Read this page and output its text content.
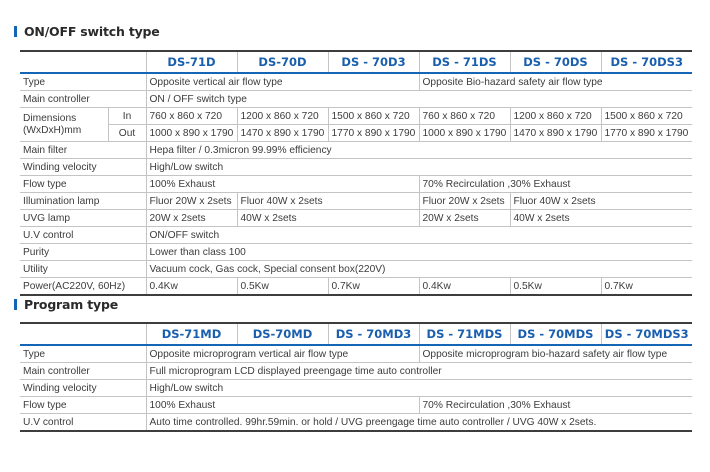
ON/OFF switch type
		DS-71D	DS-70D	DS - 70D3	DS - 71DS	DS - 70DS	DS - 70DS3
Type		Opposite vertical air flow type			Opposite Bio-hazard safety air flow type		
Main controller		ON / OFF switch type					

Dimensions
(WxDxH)mm	In	760 x 860 x 720	1200 x 860 x 720	1500 x 860 x 720	760 x 860 x 720	1200 x 860 x 720	1500 x 860 x 720
	Out	1000 x 890 x 1790	1470 x 890 x 1790	1770 x 890 x 1790	1000 x 890 x 1790	1470 x 890 x 1790	1770 x 890 x 1790
Main filter		Hepa filter / 0.3micron 99.99% efficiency					
Winding velocity		High/Low switch					
Flow type		100% Exhaust			70% Recirculation ,30% Exhaust		
Illumination lamp		Fluor 20W x 2sets	Fluor 40W x 2sets		Fluor 20W x 2sets	Fluor 40W x 2sets	
UVG lamp		20W x 2sets	40W x 2sets		20W x 2sets	40W x 2sets	
U.V control		ON/OFF switch					
Purity		Lower than class 100					
Utility		Vacuum cock, Gas cock, Special consent box(220V)					
Power(AC220V, 60Hz)		0.4Kw	0.5Kw	0.7Kw	0.4Kw	0.5Kw	0.7Kw
Program type
	DS-71MD	DS-70MD	DS - 70MD3	DS - 71MDS	DS - 70MDS	DS - 70MDS3
Type	Opposite microprogram vertical air flow type			Opposite microprogram bio-hazard safety air flow type		
Main controller	Full microprogram LCD displayed preengage time auto controller					
Winding velocity	High/Low switch					
Flow type	100% Exhaust			70% Recirculation ,30% Exhaust		
U.V control	Auto time controlled. 99hr.59min. or hold / UVG preengage time auto controller / UVG 40W x 2sets.					
